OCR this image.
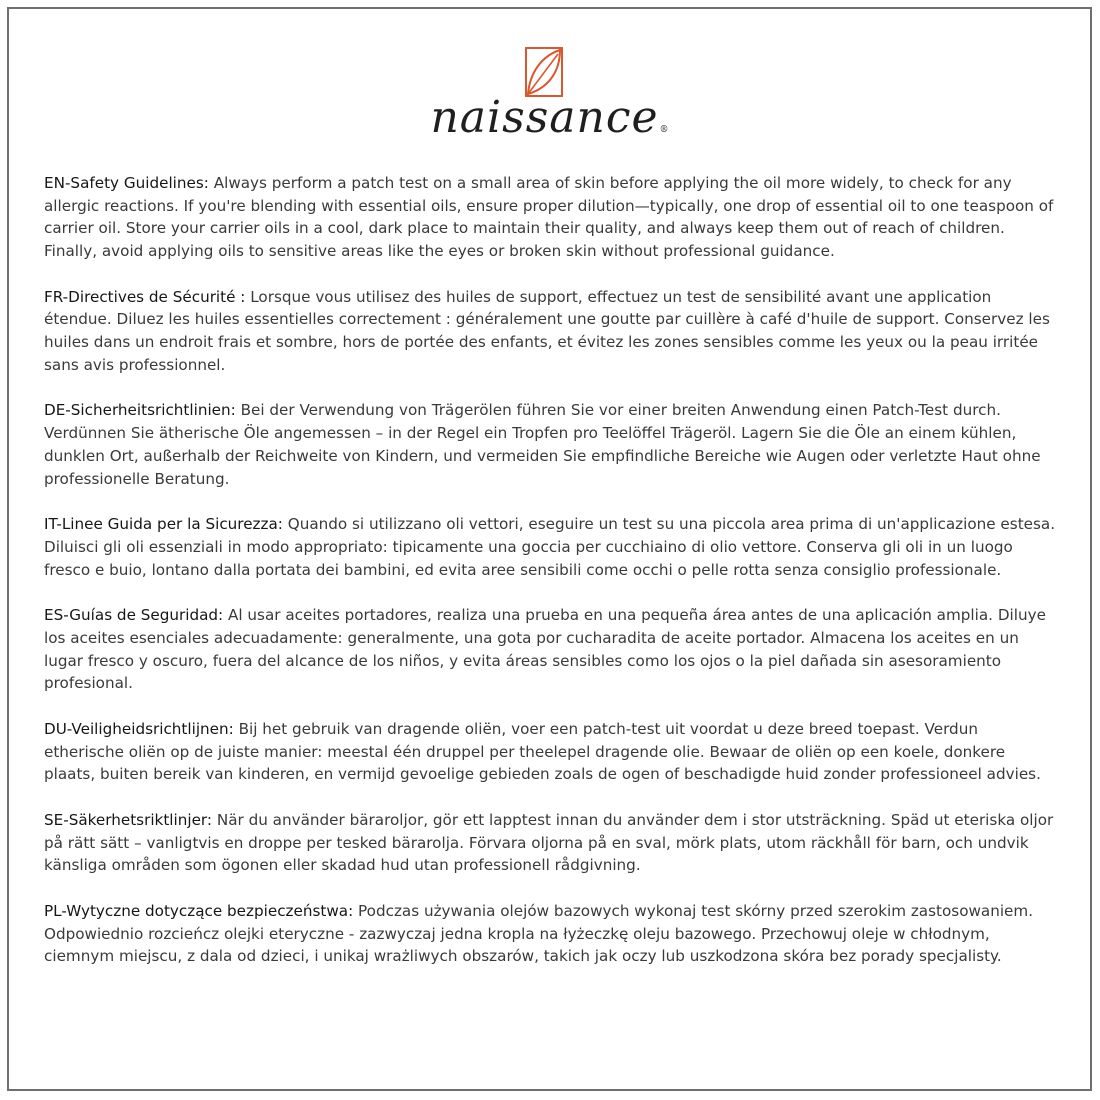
naissance®

EN-Safety Guidelines: Always perform a patch test on a small area of skin before applying the oil more widely, to check for any allergic reactions. If you're blending with essential oils, ensure proper dilution—typically, one drop of essential oil to one teaspoon of carrier oil. Store your carrier oils in a cool, dark place to maintain their quality, and always keep them out of reach of children. Finally, avoid applying oils to sensitive areas like the eyes or broken skin without professional guidance.

FR-Directives de Sécurité : Lorsque vous utilisez des huiles de support, effectuez un test de sensibilité avant une application étendue. Diluez les huiles essentielles correctement : généralement une goutte par cuillère à café d'huile de support. Conservez les huiles dans un endroit frais et sombre, hors de portée des enfants, et évitez les zones sensibles comme les yeux ou la peau irritée sans avis professionnel.

DE-Sicherheitsrichtlinien: Bei der Verwendung von Trägerölen führen Sie vor einer breiten Anwendung einen Patch-Test durch. Verdünnen Sie ätherische Öle angemessen – in der Regel ein Tropfen pro Teelöffel Trägeröl. Lagern Sie die Öle an einem kühlen, dunklen Ort, außerhalb der Reichweite von Kindern, und vermeiden Sie empfindliche Bereiche wie Augen oder verletzte Haut ohne professionelle Beratung.

IT-Linee Guida per la Sicurezza: Quando si utilizzano oli vettori, eseguire un test su una piccola area prima di un'applicazione estesa. Diluisci gli oli essenziali in modo appropriato: tipicamente una goccia per cucchiaino di olio vettore. Conserva gli oli in un luogo fresco e buio, lontano dalla portata dei bambini, ed evita aree sensibili come occhi o pelle rotta senza consiglio professionale.

ES-Guías de Seguridad: Al usar aceites portadores, realiza una prueba en una pequeña área antes de una aplicación amplia. Diluye los aceites esenciales adecuadamente: generalmente, una gota por cucharadita de aceite portador. Almacena los aceites en un lugar fresco y oscuro, fuera del alcance de los niños, y evita áreas sensibles como los ojos o la piel dañada sin asesoramiento profesional.

DU-Veiligheidsrichtlijnen: Bij het gebruik van dragende oliën, voer een patch-test uit voordat u deze breed toepast. Verdun etherische oliën op de juiste manier: meestal één druppel per theelepel dragende olie. Bewaar de oliën op een koele, donkere plaats, buiten bereik van kinderen, en vermijd gevoelige gebieden zoals de ogen of beschadigde huid zonder professioneel advies.

SE-Säkerhetsriktlinjer: När du använder bäraroljor, gör ett lapptest innan du använder dem i stor utsträckning. Späd ut eteriska oljor på rätt sätt – vanligtvis en droppe per tesked bärarolja. Förvara oljorna på en sval, mörk plats, utom räckhåll för barn, och undvik känsliga områden som ögonen eller skadad hud utan professionell rådgivning.

PL-Wytyczne dotyczące bezpieczeństwa: Podczas używania olejów bazowych wykonaj test skórny przed szerokim zastosowaniem. Odpowiednio rozcieńcz olejki eteryczne - zazwyczaj jedna kropla na łyżeczkę oleju bazowego. Przechowuj oleje w chłodnym, ciemnym miejscu, z dala od dzieci, i unikaj wrażliwych obszarów, takich jak oczy lub uszkodzona skóra bez porady specjalisty.
